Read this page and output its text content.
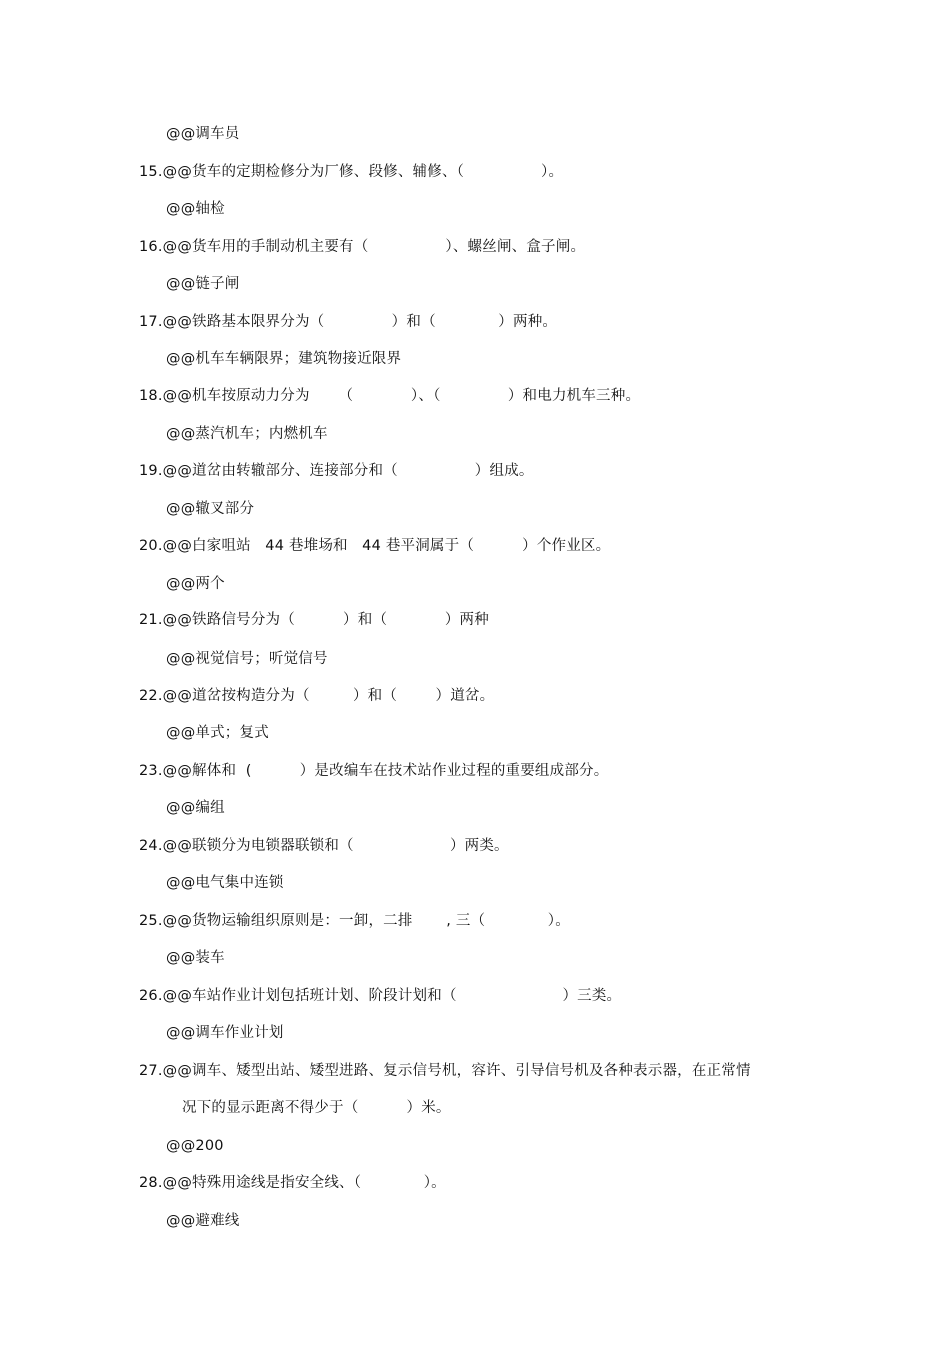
@@调车员
15.@@货车的定期检修分为厂修、段修、辅修、（                ）。
@@轴检
16.@@货车用的手制动机主要有（                ）、螺丝闸、盒子闸。
@@链子闸
17.@@铁路基本限界分为（              ）和（             ）两种。
@@机车车辆限界；建筑物接近限界
18.@@机车按原动力分为      （            ）、（              ）和电力机车三种。
@@蒸汽机车；内燃机车
19.@@道岔由转辙部分、连接部分和（                ）组成。
@@辙叉部分
20.@@白家咀站   44 巷堆场和   44 巷平洞属于（          ）个作业区。
@@两个
21.@@铁路信号分为（          ）和（            ）两种
@@视觉信号；听觉信号
22.@@道岔按构造分为（         ）和（        ）道岔。
@@单式；复式
23.@@解体和  (          ）是改编车在技术站作业过程的重要组成部分。
@@编组
24.@@联锁分为电锁器联锁和（                    ）两类。
@@电气集中连锁
25.@@货物运输组织原则是：一卸，二排       , 三（             ）。
@@装车
26.@@车站作业计划包括班计划、阶段计划和（                      ）三类。
@@调车作业计划
27.@@调车、矮型出站、矮型进路、复示信号机，容许、引导信号机及各种表示器，在正常情
况下的显示距离不得少于（          ）米。
@@200
28.@@特殊用途线是指安全线、（             ）。
@@避难线
